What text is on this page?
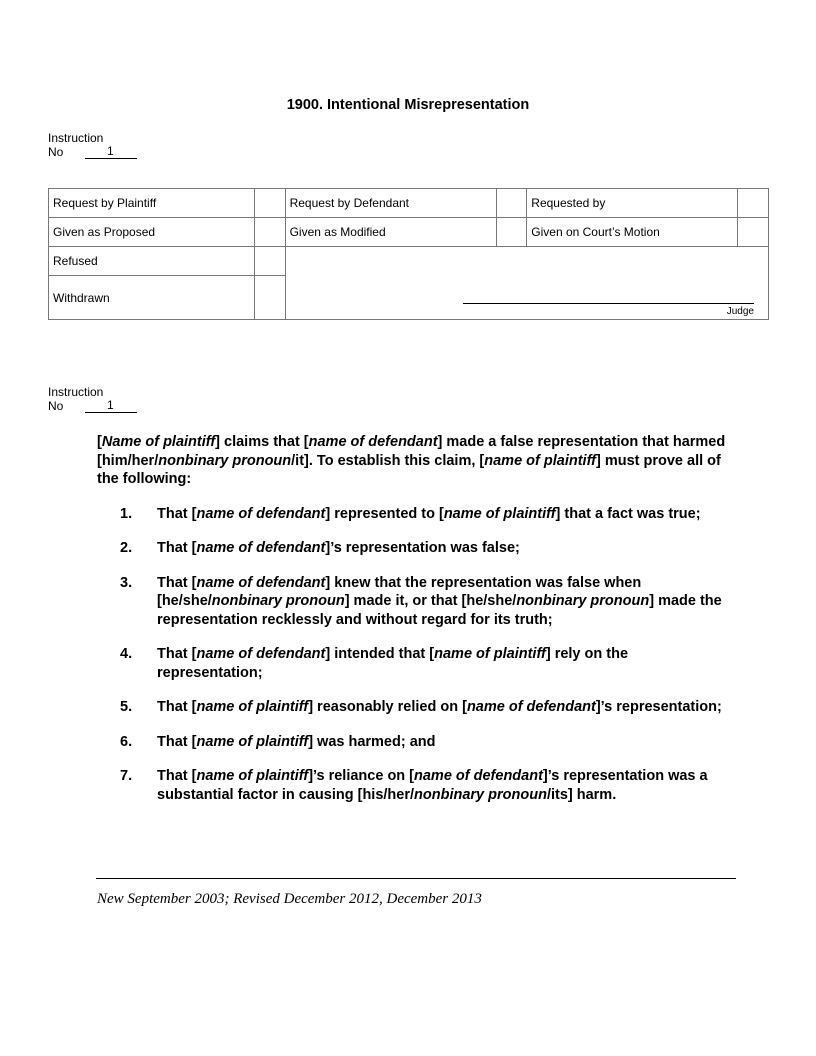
1900. Intentional Misrepresentation
Instruction
No	1
Request by Plaintiff		Request by Defendant		Requested by	
Given as Proposed		Given as Modified		Given on Court’s Motion	
Refused		Judge			

Withdrawn					
Instruction
No	1

[Name of plaintiff] claims that [name of defendant] made a false representation that harmed [him/her/nonbinary pronoun/it]. To establish this claim, [name of plaintiff] must prove all of the following:

1.	That [name of defendant] represented to [name of plaintiff] that a fact was true;
2.	That [name of defendant]’s representation was false;
3.	That [name of defendant] knew that the representation was false when [he/she/nonbinary pronoun] made it, or that [he/she/nonbinary pronoun] made the representation recklessly and without regard for its truth;
4.	That [name of defendant] intended that [name of plaintiff] rely on the representation;
5.	That [name of plaintiff] reasonably relied on [name of defendant]’s representation;
6.	That [name of plaintiff] was harmed; and
7.	That [name of plaintiff]’s reliance on [name of defendant]’s representation was a substantial factor in causing [his/her/nonbinary pronoun/its] harm.
New September 2003; Revised December 2012, December 2013
